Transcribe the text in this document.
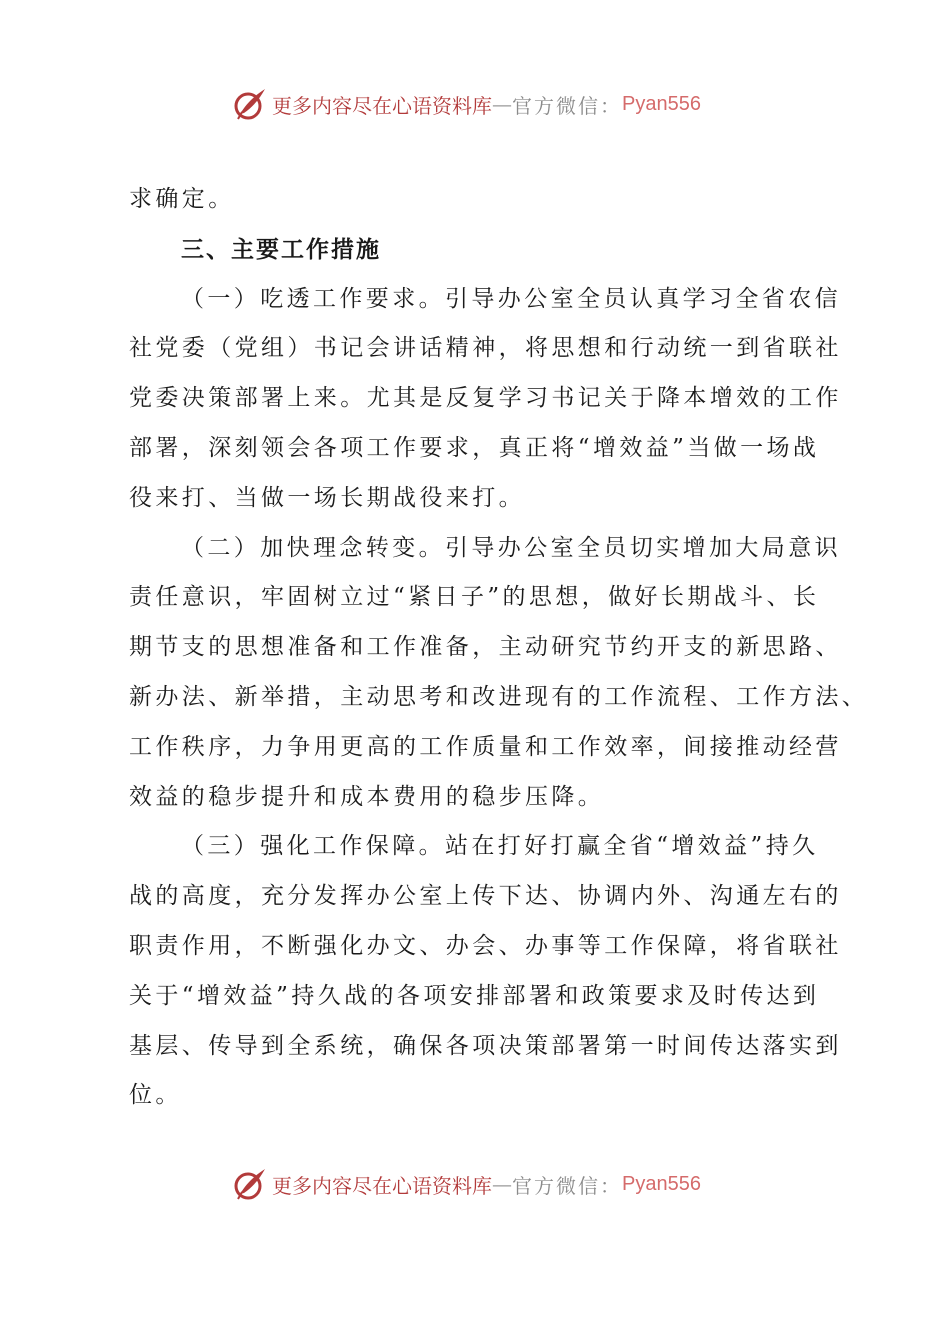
更多内容尽在心语资料库 — 官方微信： Pyan556
求确定。
三、主要工作措施
（一）吃透工作要求。引导办公室全员认真学习全省农信
社党委（党组）书记会讲话精神，将思想和行动统一到省联社
党委决策部署上来。尤其是反复学习书记关于降本增效的工作
部署，深刻领会各项工作要求，真正将“增效益”当做一场战
役来打、当做一场长期战役来打。
（二）加快理念转变。引导办公室全员切实增加大局意识
责任意识，牢固树立过“紧日子”的思想，做好长期战斗、长
期节支的思想准备和工作准备，主动研究节约开支的新思路、
新办法、新举措，主动思考和改进现有的工作流程、工作方法、
工作秩序，力争用更高的工作质量和工作效率，间接推动经营
效益的稳步提升和成本费用的稳步压降。
（三）强化工作保障。站在打好打赢全省“增效益”持久
战的高度，充分发挥办公室上传下达、协调内外、沟通左右的
职责作用，不断强化办文、办会、办事等工作保障，将省联社
关于“增效益”持久战的各项安排部署和政策要求及时传达到
基层、传导到全系统，确保各项决策部署第一时间传达落实到
位。
更多内容尽在心语资料库 — 官方微信： Pyan556
